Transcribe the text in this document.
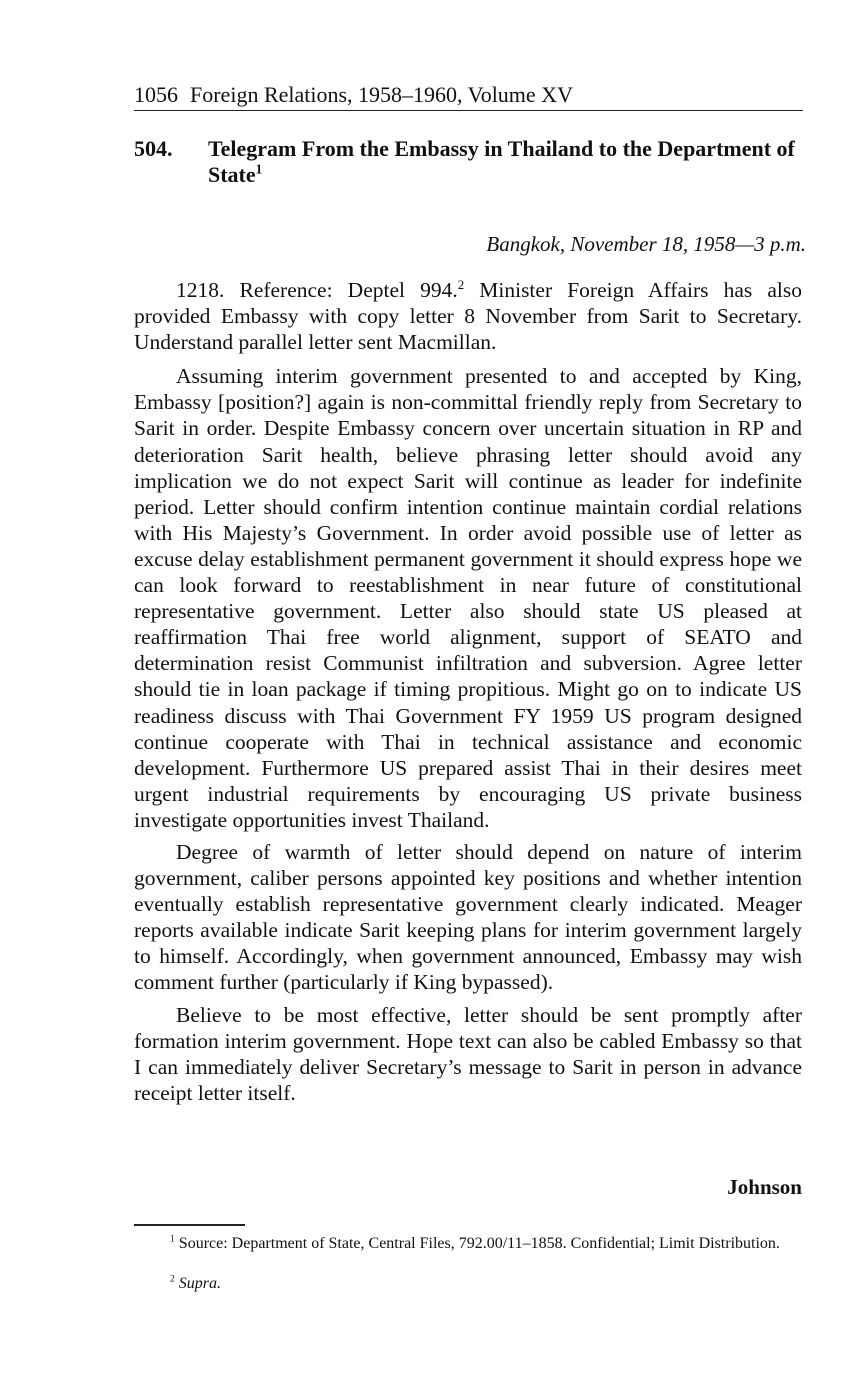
1056 Foreign Relations, 1958–1960, Volume XV
504. Telegram From the Embassy in Thailand to the Department of State$^1$
Bangkok, November 18, 1958—3 p.m.

1218. Reference: Deptel 994.$^2$ Minister Foreign Affairs has also provided Embassy with copy letter 8 November from Sarit to Secretary. Understand parallel letter sent Macmillan.

Assuming interim government presented to and accepted by King, Embassy [position?] again is non-committal friendly reply from Secretary to Sarit in order. Despite Embassy concern over uncertain situation in RP and deterioration Sarit health, believe phrasing letter should avoid any implication we do not expect Sarit will continue as leader for indefinite period. Letter should confirm intention continue maintain cordial relations with His Majesty’s Government. In order avoid possible use of letter as excuse delay establishment permanent government it should express hope we can look forward to reestablishment in near future of constitutional representative government. Letter also should state US pleased at reaffirmation Thai free world alignment, support of SEATO and determination resist Communist infiltration and subversion. Agree letter should tie in loan package if timing propitious. Might go on to indicate US readiness discuss with Thai Government FY 1959 US program designed continue cooperate with Thai in technical assistance and economic development. Furthermore US prepared assist Thai in their desires meet urgent industrial requirements by encouraging US private business investigate opportunities invest Thailand.

Degree of warmth of letter should depend on nature of interim government, caliber persons appointed key positions and whether intention eventually establish representative government clearly indicated. Meager reports available indicate Sarit keeping plans for interim government largely to himself. Accordingly, when government announced, Embassy may wish comment further (particularly if King bypassed).

Believe to be most effective, letter should be sent promptly after formation interim government. Hope text can also be cabled Embassy so that I can immediately deliver Secretary’s message to Sarit in person in advance receipt letter itself.

Johnson
$^1$ Source: Department of State, Central Files, 792.00/11–1858. Confidential; Limit Distribution.
$^2$ Supra.
